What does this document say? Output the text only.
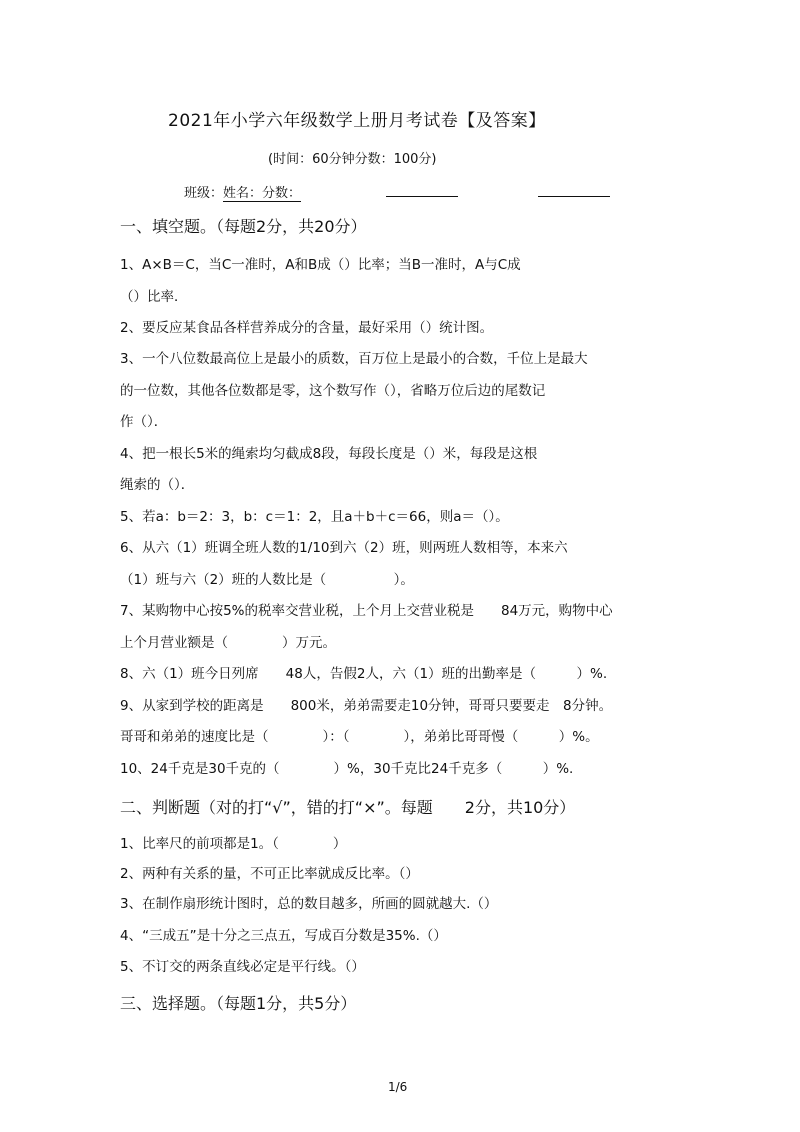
2021年小学六年级数学上册月考试卷【及答案】
(时间：60分钟分数：100分)
班级：姓名：分数：
一、填空题。（每题2分，共20分）
1、A×B＝C，当C一准时，A和B成（）比率；当B一准时，A与C成
（）比率．
2、要反应某食品各样营养成分的含量，最好采用（）统计图。
3、一个八位数最高位上是最小的质数，百万位上是最小的合数，千位上是最大
的一位数，其他各位数都是零，这个数写作（），省略万位后边的尾数记
作（）．
4、把一根长5米的绳索均匀截成8段，每段长度是（）米，每段是这根
绳索的（）．
5、若a：b＝2：3，b：c＝1：2，且a＋b＋c＝66，则a＝（）。
6、从六（1）班调全班人数的1/10到六（2）班，则两班人数相等，本来六
（1）班与六（2）班的人数比是（　　　　　）。
7、某购物中心按5%的税率交营业税，上个月上交营业税是　　84万元，购物中心
上个月营业额是（　　　　）万元。
8、六（1）班今日列席　　48人，告假2人，六（1）班的出勤率是（　　　）%.
9、从家到学校的距离是　　800米，弟弟需要走10分钟，哥哥只要要走　8分钟。
哥哥和弟弟的速度比是（　　　　）：（　　　　），弟弟比哥哥慢（　　　）%。
10、24千克是30千克的（　　　　）%，30千克比24千克多（　　　）%.
二、判断题（对的打“√”，错的打“×”。每题　　2分，共10分）
1、比率尺的前项都是1。（　　　　）
2、两种有关系的量，不可正比率就成反比率。（）
3、在制作扇形统计图时，总的数目越多，所画的圆就越大.（）
4、“三成五”是十分之三点五，写成百分数是35%.（）
5、不订交的两条直线必定是平行线。（）
三、选择题。（每题1分，共5分）
1/6
